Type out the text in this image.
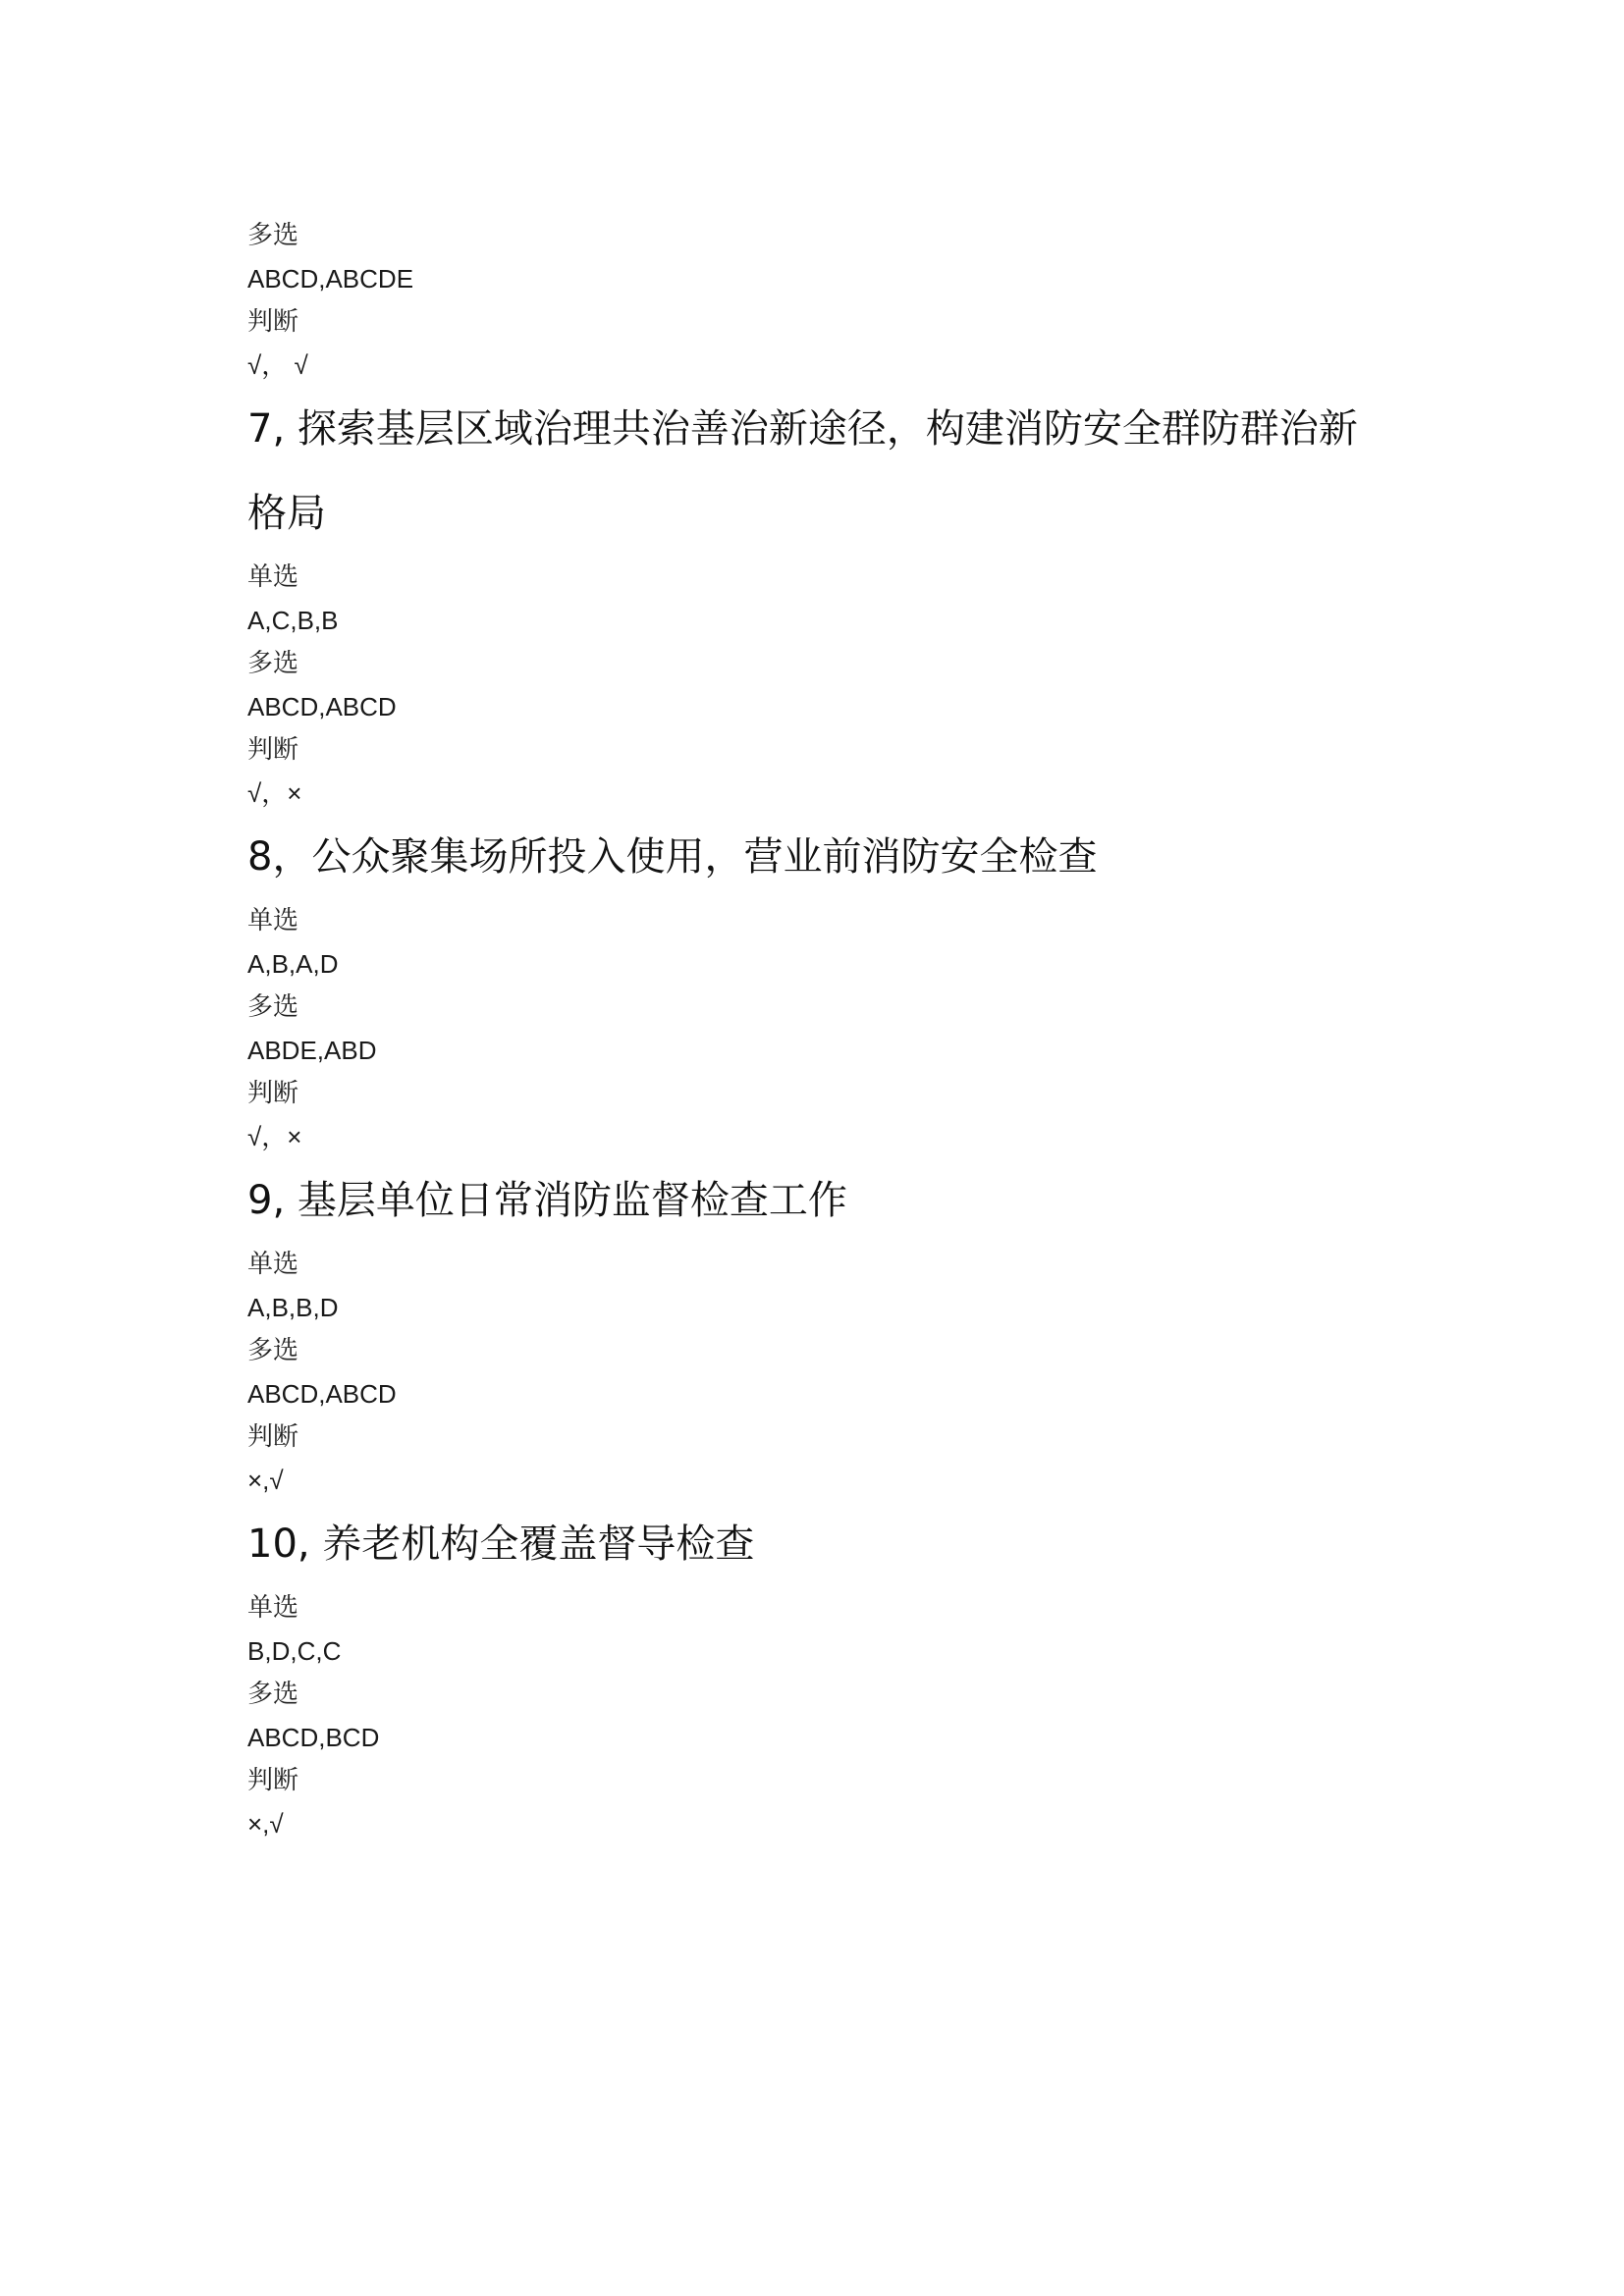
多选
ABCD,ABCDE
判断
√， √
7, 探索基层区域治理共治善治新途径，构建消防安全群防群治新格局
单选
A,C,B,B
多选
ABCD,ABCD
判断
√，×
8，公众聚集场所投入使用，营业前消防安全检查
单选
A,B,A,D
多选
ABDE,ABD
判断
√，×
9, 基层单位日常消防监督检查工作
单选
A,B,B,D
多选
ABCD,ABCD
判断
×,√
10, 养老机构全覆盖督导检查
单选
B,D,C,C
多选
ABCD,BCD
判断
×,√
